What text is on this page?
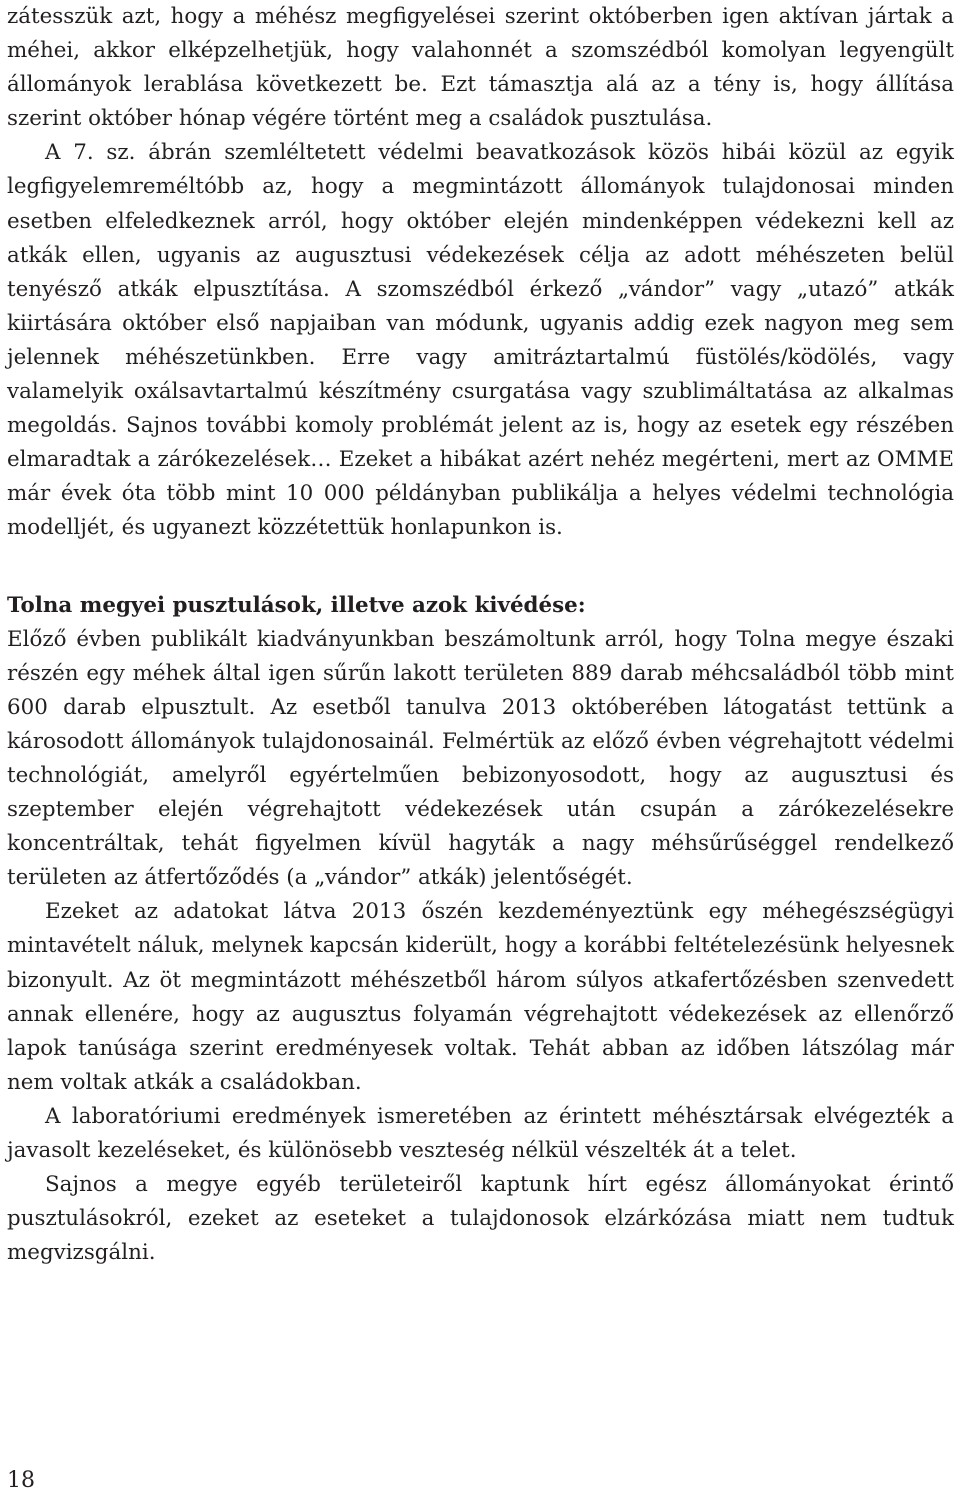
zátesszük azt, hogy a méhész megfigyelései szerint októberben igen aktívan jártak a méhei, akkor elképzelhetjük, hogy valahonnét a szomszédból komolyan legyengült állományok lerablása következett be. Ezt támasztja alá az a tény is, hogy állítása szerint október hónap végére történt meg a családok pusztulása.

A 7. sz. ábrán szemléltetett védelmi beavatkozások közös hibái közül az egyik legfigyelemreméltóbb az, hogy a megmintázott állományok tulajdonosai minden esetben elfeledkeznek arról, hogy október elején mindenképpen védekezni kell az atkák ellen, ugyanis az augusztusi védekezések célja az adott méhészeten belül tenyésző atkák elpusztítása. A szomszédból érkező „vándor” vagy „utazó” atkák kiirtására október első napjaiban van módunk, ugyanis addig ezek nagyon meg sem jelennek méhészetünkben. Erre vagy amitráztartalmú füstölés/ködölés, vagy valamelyik oxálsavtartalmú készítmény csurgatása vagy szublimáltatása az alkalmas megoldás. Sajnos további komoly problémát jelent az is, hogy az esetek egy részében elmaradtak a zárókezelések… Ezeket a hibákat azért nehéz megérteni, mert az OMME már évek óta több mint 10 000 példányban publikálja a helyes védelmi technológia modelljét, és ugyanezt közzétettük honlapunkon is.

Tolna megyei pusztulások, illetve azok kivédése:

Előző évben publikált kiadványunkban beszámoltunk arról, hogy Tolna megye északi részén egy méhek által igen sűrűn lakott területen 889 darab méhcsaládból több mint 600 darab elpusztult. Az esetből tanulva 2013 októberében látogatást tettünk a károsodott állományok tulajdonosainál. Felmértük az előző évben végrehajtott védelmi technológiát, amelyről egyértelműen bebizonyosodott, hogy az augusztusi és szeptember elején végrehajtott védekezések után csupán a zárókezelésekre koncentráltak, tehát figyelmen kívül hagyták a nagy méhsűrűséggel rendelkező területen az átfertőződés (a „vándor” atkák) jelentőségét.

Ezeket az adatokat látva 2013 őszén kezdeményeztünk egy méhegészségügyi mintavételt náluk, melynek kapcsán kiderült, hogy a korábbi feltételezésünk helyesnek bizonyult. Az öt megmintázott méhészetből három súlyos atkafertőzésben szenvedett annak ellenére, hogy az augusztus folyamán végrehajtott védekezések az ellenőrző lapok tanúsága szerint eredményesek voltak. Tehát abban az időben látszólag már nem voltak atkák a családokban.

A laboratóriumi eredmények ismeretében az érintett méhésztársak elvégezték a javasolt kezeléseket, és különösebb veszteség nélkül vészelték át a telet.

Sajnos a megye egyéb területeiről kaptunk hírt egész állományokat érintő pusztulásokról, ezeket az eseteket a tulajdonosok elzárkózása miatt nem tudtuk megvizsgálni.

18
